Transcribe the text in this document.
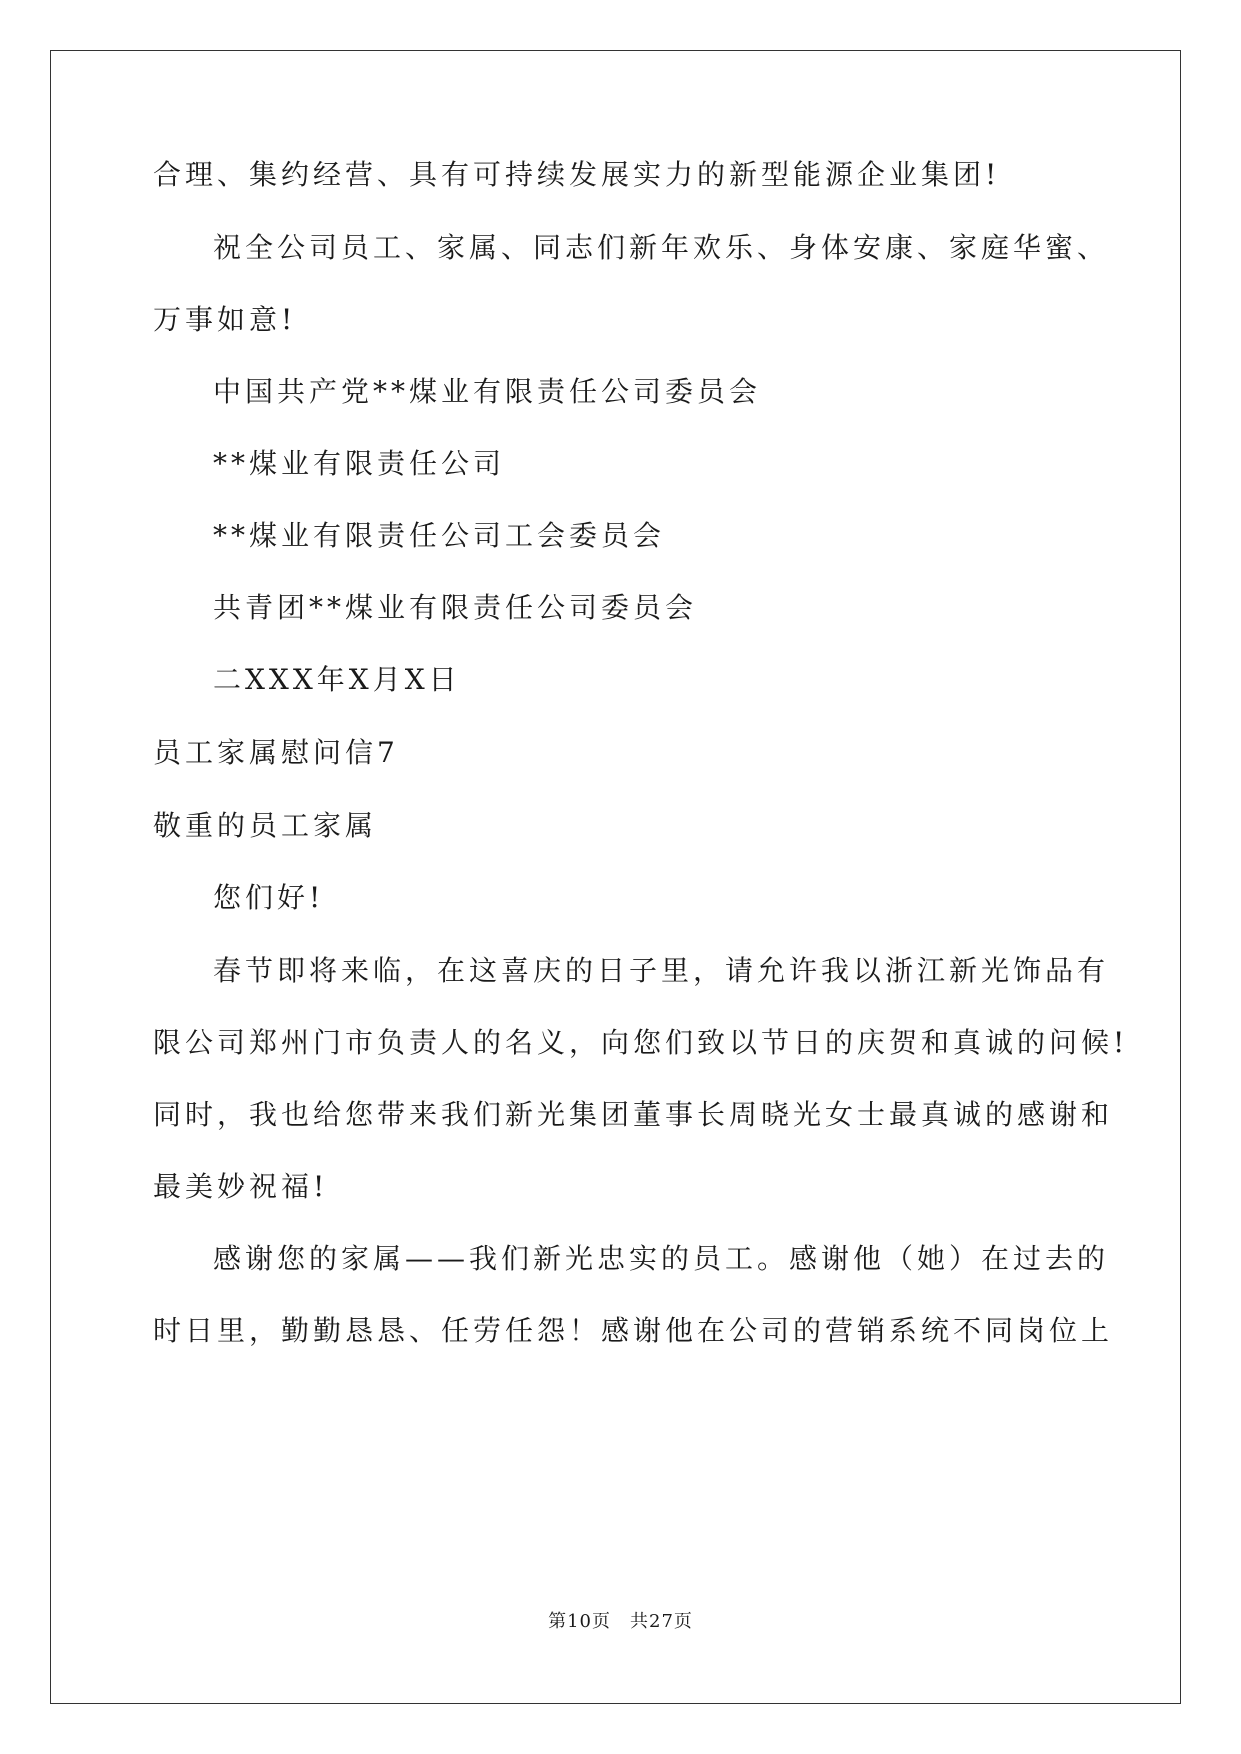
合理、集约经营、具有可持续发展实力的新型能源企业集团!
祝全公司员工、家属、同志们新年欢乐、身体安康、家庭华蜜、
万事如意!
中国共产党**煤业有限责任公司委员会
**煤业有限责任公司
**煤业有限责任公司工会委员会
共青团**煤业有限责任公司委员会
二XXX年X月X日
员工家属慰问信7
敬重的员工家属
您们好!
春节即将来临，在这喜庆的日子里，请允许我以浙江新光饰品有
限公司郑州门市负责人的名义，向您们致以节日的庆贺和真诚的问候!
同时，我也给您带来我们新光集团董事长周晓光女士最真诚的感谢和
最美妙祝福!
感谢您的家属——我们新光忠实的员工。感谢他（她）在过去的
时日里，勤勤恳恳、任劳任怨！感谢他在公司的营销系统不同岗位上
第10页　共27页
